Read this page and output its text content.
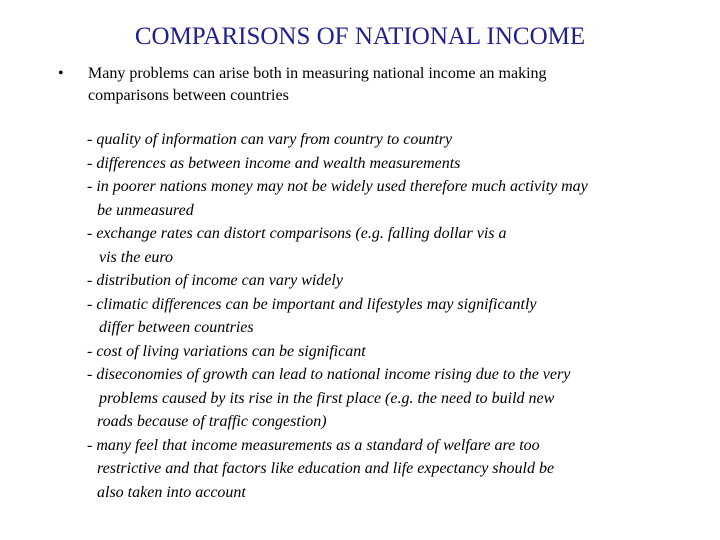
COMPARISONS OF NATIONAL INCOME
• Many problems can arise both in measuring national income an making
comparisons between countries
- quality of information can vary from country to country
- differences as between income and wealth measurements
- in poorer nations money may not be widely used therefore much activity may
be unmeasured
- exchange rates can distort comparisons (e.g. falling dollar vis a
vis the euro
- distribution of income can vary widely
- climatic differences can be important and lifestyles may significantly
differ between countries
- cost of living variations can be significant
- diseconomies of growth can lead to national income rising due to the very
problems caused by its rise in the first place (e.g. the need to build new
roads because of traffic congestion)
- many feel that income measurements as a standard of welfare are too
restrictive and that factors like education and life expectancy should be
also taken into account
